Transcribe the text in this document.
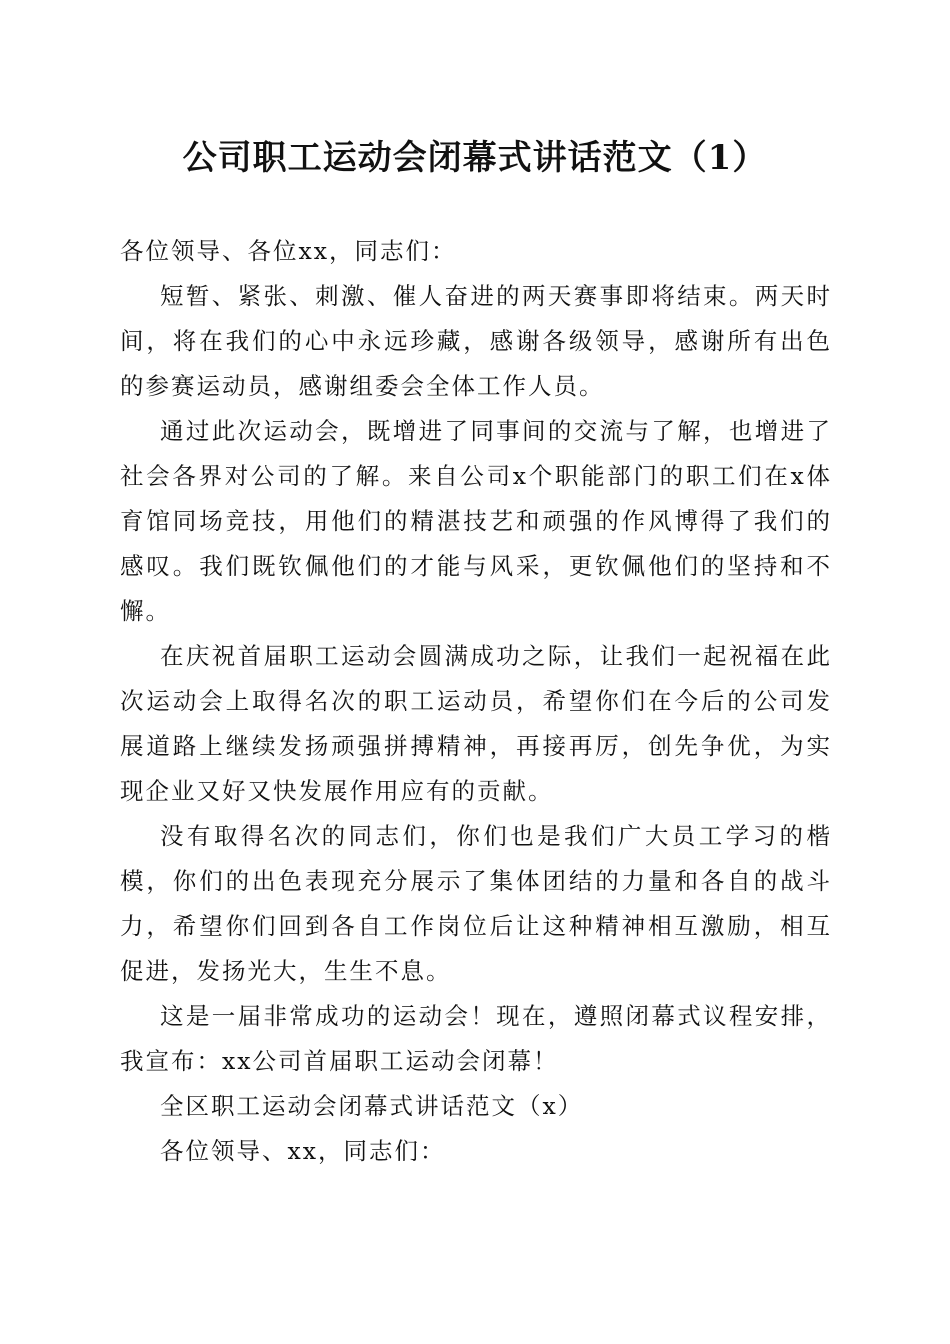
公司职工运动会闭幕式讲话范文（1）

各位领导、各位xx，同志们：

短暂、紧张、刺激、催人奋进的两天赛事即将结束。两天时间，将在我们的心中永远珍藏，感谢各级领导，感谢所有出色的参赛运动员，感谢组委会全体工作人员。

通过此次运动会，既增进了同事间的交流与了解，也增进了社会各界对公司的了解。来自公司x个职能部门的职工们在x体育馆同场竞技，用他们的精湛技艺和顽强的作风博得了我们的感叹。我们既钦佩他们的才能与风采，更钦佩他们的坚持和不懈。

在庆祝首届职工运动会圆满成功之际，让我们一起祝福在此次运动会上取得名次的职工运动员，希望你们在今后的公司发展道路上继续发扬顽强拼搏精神，再接再厉，创先争优，为实现企业又好又快发展作用应有的贡献。

没有取得名次的同志们，你们也是我们广大员工学习的楷模，你们的出色表现充分展示了集体团结的力量和各自的战斗力，希望你们回到各自工作岗位后让这种精神相互激励，相互促进，发扬光大，生生不息。

这是一届非常成功的运动会！现在，遵照闭幕式议程安排，我宣布：xx公司首届职工运动会闭幕！

全区职工运动会闭幕式讲话范文（x）

各位领导、xx，同志们：
